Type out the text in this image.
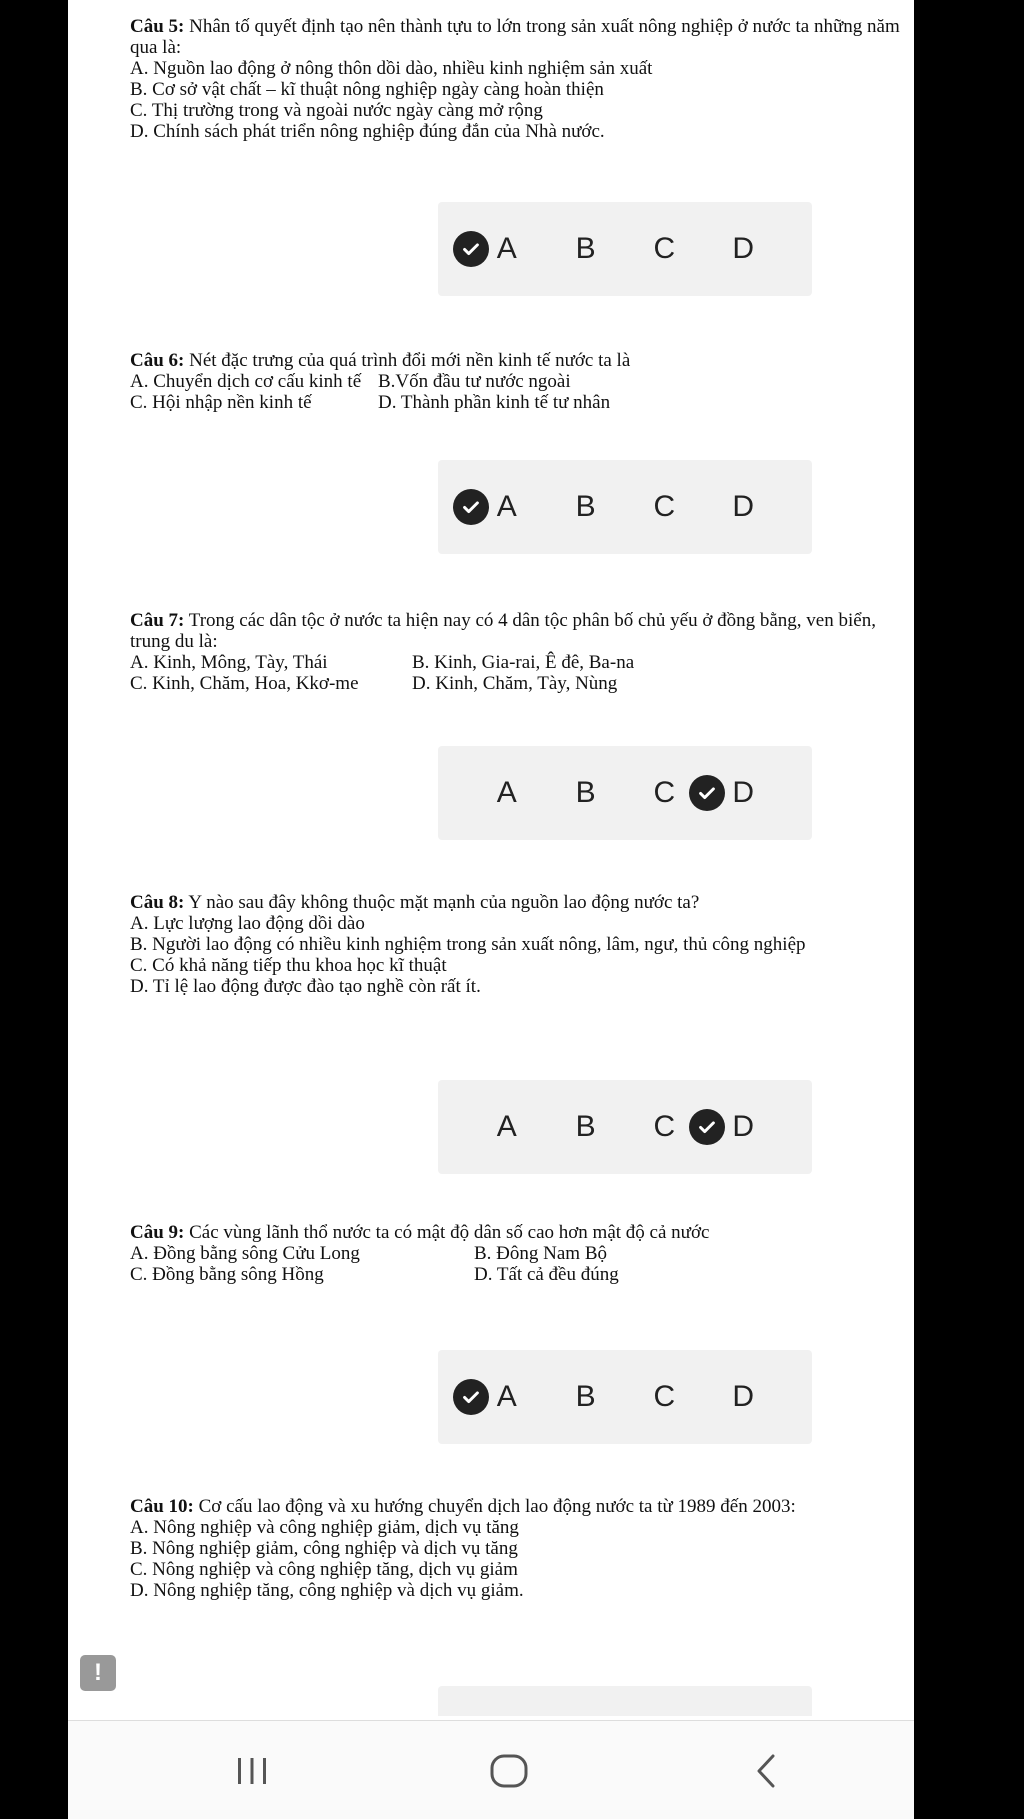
Câu 5: Nhân tố quyết định tạo nên thành tựu to lớn trong sản xuất nông nghiệp ở nước ta những năm qua là:

A. Nguồn lao động ở nông thôn dồi dào, nhiều kinh nghiệm sản xuất

B. Cơ sở vật chất – kĩ thuật nông nghiệp ngày càng hoàn thiện

C. Thị trường trong và ngoài nước ngày càng mở rộng

D. Chính sách phát triển nông nghiệp đúng đắn của Nhà nước.

A B C D

Câu 6: Nét đặc trưng của quá trình đổi mới nền kinh tế nước ta là

A. Chuyển dịch cơ cấu kinh tế B.Vốn đầu tư nước ngoài
C. Hội nhập nền kinh tế	D. Thành phần kinh tế tư nhân
A B C D

Câu 7: Trong các dân tộc ở nước ta hiện nay có 4 dân tộc phân bố chủ yếu ở đồng bằng, ven biển, trung du là:

A. Kinh, Mông, Tày, Thái	B. Kinh, Gia-rai, Ê đê, Ba-na
C. Kinh, Chăm, Hoa, Kkơ-me	D. Kinh, Chăm, Tày, Nùng
A B C D

Câu 8: Y nào sau đây không thuộc mặt mạnh của nguồn lao động nước ta?

A. Lực lượng lao động dồi dào

B. Người lao động có nhiều kinh nghiệm trong sản xuất nông, lâm, ngư, thủ công nghiệp

C. Có khả năng tiếp thu khoa học kĩ thuật

D. Tỉ lệ lao động được đào tạo nghề còn rất ít.

A B C D

Câu 9: Các vùng lãnh thổ nước ta có mật độ dân số cao hơn mật độ cả nước

A. Đồng bằng sông Cửu Long	B. Đông Nam Bộ
C. Đồng bằng sông Hồng	D. Tất cả đều đúng
A B C D

Câu 10: Cơ cấu lao động và xu hướng chuyển dịch lao động nước ta từ 1989 đến 2003:

A. Nông nghiệp và công nghiệp giảm, dịch vụ tăng

B. Nông nghiệp giảm, công nghiệp và dịch vụ tăng

C. Nông nghiệp và công nghiệp tăng, dịch vụ giảm

D. Nông nghiệp tăng, công nghiệp và dịch vụ giảm.

!
